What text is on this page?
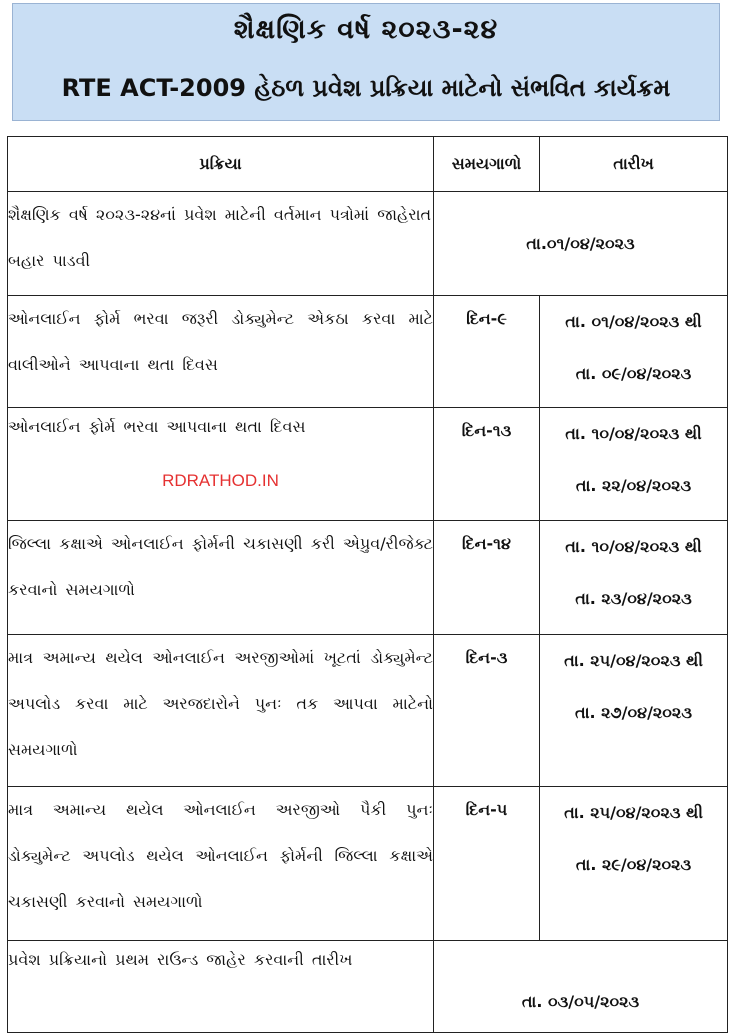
શૈક્ષણિક વર્ષ ૨૦૨૩-૨૪
RTE ACT-2009 હેઠળ પ્રવેશ પ્રક્રિયા માટેનો સંભવિત કાર્યક્રમ
પ્રક્રિયા	સમયગાળો	તારીખ
શૈક્ષણિક વર્ષ ૨૦૨૩-૨૪નાં પ્રવેશ માટેની વર્તમાન પત્રોમાં જાહેરાત બહાર પાડવી	તા.૦૧/૦૪/૨૦૨૩	
ઓનલાઈન ફોર્મ ભરવા જરૂરી ડોક્યુમેન્ટ એકઠા કરવા માટે વાલીઓને આપવાના થતા દિવસ	દિન-૯	તા. ૦૧/૦૪/૨૦૨૩ થી
તા. ૦૯/૦૪/૨૦૨૩

ઓનલાઈન ફોર્મ ભરવા આપવાના થતા દિવસ
RDRATHOD.IN	દિન-૧૩	તા. ૧૦/૦૪/૨૦૨૩ થી
તા. ૨૨/૦૪/૨૦૨૩

જિલ્લા કક્ષાએ ઓનલાઈન ફોર્મની ચકાસણી કરી એપ્રુવ/રીજેક્ટ કરવાનો સમયગાળો	દિન-૧૪	તા. ૧૦/૦૪/૨૦૨૩ થી
તા. ૨૩/૦૪/૨૦૨૩

માત્ર અમાન્ય થયેલ ઓનલાઈન અરજીઓમાં ખૂટતાં ડોક્યુમેન્ટ અપલોડ કરવા માટે અરજદારોને પુનઃ તક આપવા માટેનો સમયગાળો	દિન-૩	તા. ૨૫/૦૪/૨૦૨૩ થી
તા. ૨૭/૦૪/૨૦૨૩

માત્ર અમાન્ય થયેલ ઓનલાઈન અરજીઓ પૈકી પુનઃ ડોક્યુમેન્ટ અપલોડ થયેલ ઓનલાઈન ફોર્મની જિલ્લા કક્ષાએ ચકાસણી કરવાનો સમયગાળો	દિન-૫	તા. ૨૫/૦૪/૨૦૨૩ થી
તા. ૨૯/૦૪/૨૦૨૩

પ્રવેશ પ્રક્રિયાનો પ્રથમ રાઉન્ડ જાહેર કરવાની તારીખ	તા. ૦૩/૦૫/૨૦૨૩	
